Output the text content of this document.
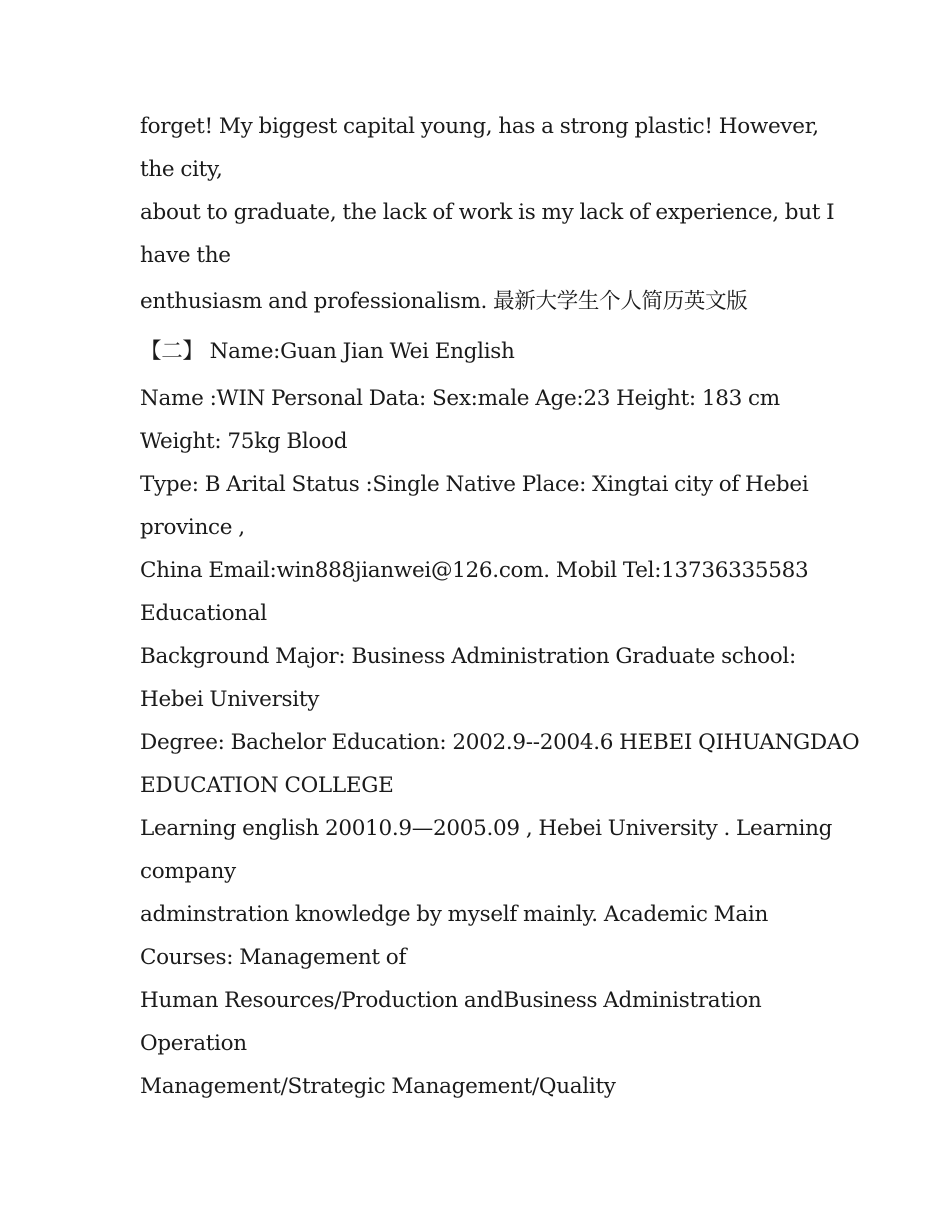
forget! My biggest capital young, has a strong plastic! However,
the city,
about to graduate, the lack of work is my lack of experience, but I
have the
enthusiasm and professionalism. 最新大学生个人简历英文版
【二】 Name:Guan Jian Wei English
Name :WIN Personal Data: Sex:male Age:23 Height: 183 cm
Weight: 75kg Blood
Type: B Arital Status :Single Native Place: Xingtai city of Hebei
province ,
China Email:win888jianwei@126.com. Mobil Tel:13736335583
Educational
Background Major: Business Administration Graduate school:
Hebei University
Degree: Bachelor Education: 2002.9--2004.6 HEBEI QIHUANGDAO
EDUCATION COLLEGE
Learning english 20010.9—2005.09 , Hebei University . Learning
company
adminstration knowledge by myself mainly. Academic Main
Courses: Management of
Human Resources/Production andBusiness Administration
Operation
Management/Strategic Management/Quality
